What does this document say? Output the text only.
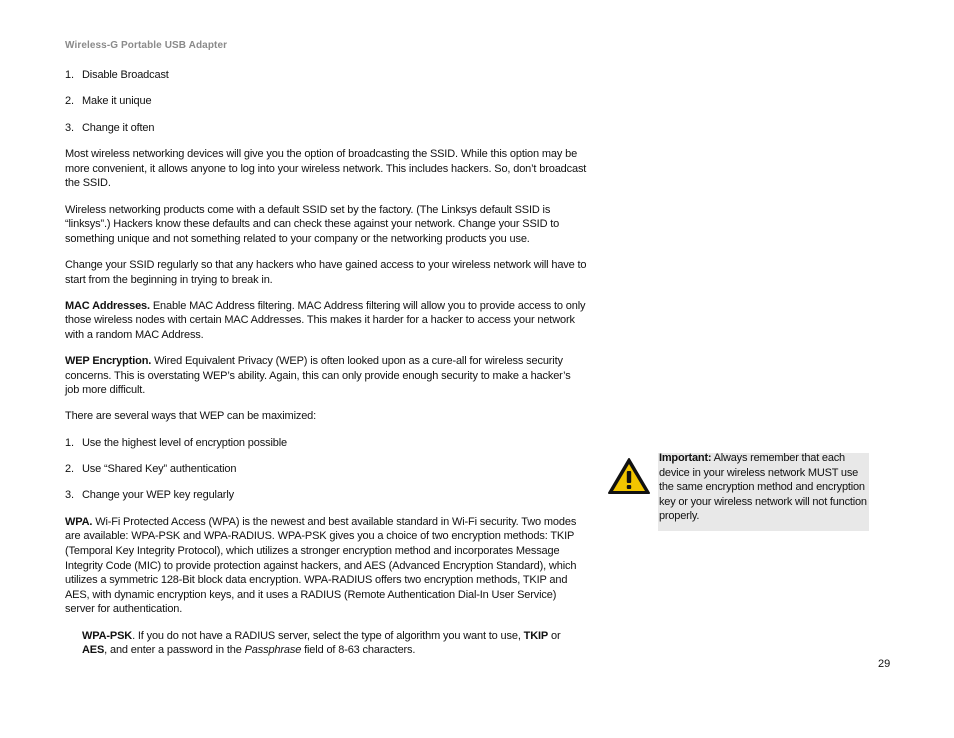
Wireless-G Portable USB Adapter

1. Disable Broadcast

2. Make it unique

3. Change it often

Most wireless networking devices will give you the option of broadcasting the SSID. While this option may be more convenient, it allows anyone to log into your wireless network. This includes hackers. So, don’t broadcast the SSID.

Wireless networking products come with a default SSID set by the factory. (The Linksys default SSID is “linksys”.) Hackers know these defaults and can check these against your network. Change your SSID to something unique and not something related to your company or the networking products you use.

Change your SSID regularly so that any hackers who have gained access to your wireless network will have to start from the beginning in trying to break in.

MAC Addresses. Enable MAC Address filtering. MAC Address filtering will allow you to provide access to only those wireless nodes with certain MAC Addresses. This makes it harder for a hacker to access your network with a random MAC Address.

WEP Encryption. Wired Equivalent Privacy (WEP) is often looked upon as a cure-all for wireless security concerns. This is overstating WEP’s ability. Again, this can only provide enough security to make a hacker’s job more difficult.

There are several ways that WEP can be maximized:

1. Use the highest level of encryption possible

2. Use “Shared Key” authentication

3. Change your WEP key regularly

WPA. Wi-Fi Protected Access (WPA) is the newest and best available standard in Wi-Fi security. Two modes are available: WPA-PSK and WPA-RADIUS. WPA-PSK gives you a choice of two encryption methods: TKIP (Temporal Key Integrity Protocol), which utilizes a stronger encryption method and incorporates Message Integrity Code (MIC) to provide protection against hackers, and AES (Advanced Encryption Standard), which utilizes a symmetric 128-Bit block data encryption. WPA-RADIUS offers two encryption methods, TKIP and AES, with dynamic encryption keys, and it uses a RADIUS (Remote Authentication Dial-In User Service) server for authentication.

WPA-PSK. If you do not have a RADIUS server, select the type of algorithm you want to use, TKIP or AES, and enter a password in the Passphrase field of 8-63 characters.

Important: Always remember that each device in your wireless network MUST use the same encryption method and encryption key or your wireless network will not function properly.
29
